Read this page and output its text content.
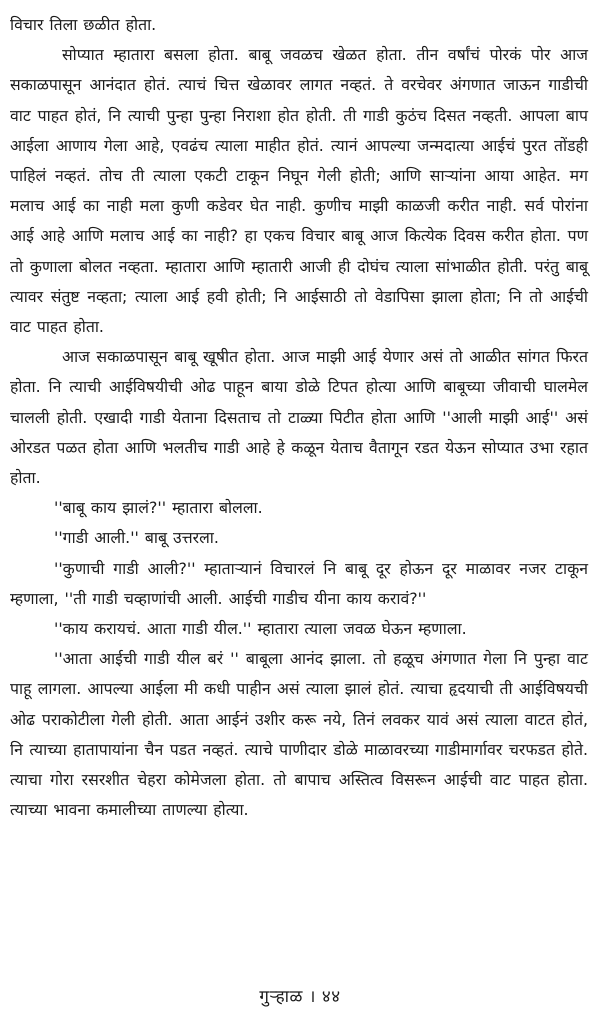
विचार तिला छळीत होता.

सोप्यात म्हातारा बसला होता. बाबू जवळच खेळत होता. तीन वर्षांचं पोरकं पोर आज सकाळपासून आनंदात होतं. त्याचं चित्त खेळावर लागत नव्हतं. ते वरचेवर अंगणात जाऊन गाडीची वाट पाहत होतं, नि त्याची पुन्हा पुन्हा निराशा होत होती. ती गाडी कुठंच दिसत नव्हती. आपला बाप आईला आणाय गेला आहे, एवढंच त्याला माहीत होतं. त्यानं आपल्या जन्मदात्या आईचं पुरत तोंडही पाहिलं नव्हतं. तोच ती त्याला एकटी टाकून निघून गेली होती; आणि साऱ्यांना आया आहेत. मग मलाच आई का नाही मला कुणी कडेवर घेत नाही. कुणीच माझी काळजी करीत नाही. सर्व पोरांना आई आहे आणि मलाच आई का नाही? हा एकच विचार बाबू आज कित्येक दिवस करीत होता. पण तो कुणाला बोलत नव्हता. म्हातारा आणि म्हातारी आजी ही दोघंच त्याला सांभाळीत होती. परंतु बाबू त्यावर संतुष्ट नव्हता; त्याला आई हवी होती; नि आईसाठी तो वेडापिसा झाला होता; नि तो आईची वाट पाहत होता.

आज सकाळपासून बाबू खूषीत होता. आज माझी आई येणार असं तो आळीत सांगत फिरत होता. नि त्याची आईविषयीची ओढ पाहून बाया डोळे टिपत होत्या आणि बाबूच्या जीवाची घालमेल चालली होती. एखादी गाडी येताना दिसताच तो टाळ्या पिटीत होता आणि ''आली माझी आई'' असं ओरडत पळत होता आणि भलतीच गाडी आहे हे कळून येताच वैतागून रडत येऊन सोप्यात उभा रहात होता.

''बाबू काय झालं?'' म्हातारा बोलला.

''गाडी आली.'' बाबू उत्तरला.

''कुणाची गाडी आली?'' म्हाताऱ्यानं विचारलं नि बाबू दूर होऊन दूर माळावर नजर टाकून म्हणाला, ''ती गाडी चव्हाणांची आली. आईची गाडीच यीना काय करावं?''

''काय करायचं. आता गाडी यील.'' म्हातारा त्याला जवळ घेऊन म्हणाला.

''आता आईची गाडी यील बरं '' बाबूला आनंद झाला. तो हळूच अंगणात गेला नि पुन्हा वाट पाहू लागला. आपल्या आईला मी कधी पाहीन असं त्याला झालं होतं. त्याचा हृदयाची ती आईविषयची ओढ पराकोटीला गेली होती. आता आईनं उशीर करू नये, तिनं लवकर यावं असं त्याला वाटत होतं, नि त्याच्या हातापायांना चैन पडत नव्हतं. त्याचे पाणीदार डोळे माळावरच्या गाडीमार्गावर चरफडत होते. त्याचा गोरा रसरशीत चेहरा कोमेजला होता. तो बापाच अस्तित्व विसरून आईची वाट पाहत होता. त्याच्या भावना कमालीच्या ताणल्या होत्या.

गुऱ्हाळ । ४४
